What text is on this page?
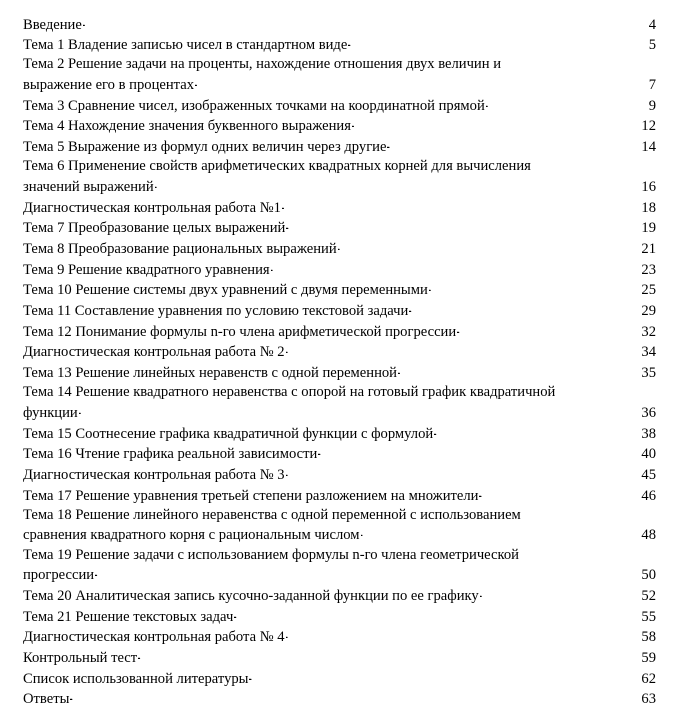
Введение . . .	4
Тема 1 Владение записью чисел в стандартном виде . . .	5
Тема 2 Решение задачи на проценты, нахождение отношения двух величин и
выражение его в процентах . . .	7
Тема 3 Сравнение чисел, изображенных точками на координатной прямой . . .	9
Тема 4 Нахождение значения буквенного выражения . . .	12
Тема 5 Выражение из формул одних величин через другие . . .	14
Тема 6 Применение свойств арифметических квадратных корней для вычисления
значений выражений . . .	16
Диагностическая контрольная работа №1 . . .	18
Тема 7 Преобразование целых выражений . . .	19
Тема 8 Преобразование рациональных выражений . . .	21
Тема 9 Решение квадратного уравнения . . .	23
Тема 10 Решение системы двух уравнений с двумя переменными . . .	25
Тема 11 Составление уравнения по условию текстовой задачи . . .	29
Тема 12 Понимание формулы n-го члена арифметической прогрессии . . .	32
Диагностическая контрольная работа № 2 . . .	34
Тема 13 Решение линейных неравенств с одной переменной . . .	35
Тема 14 Решение квадратного неравенства с опорой на готовый график квадратичной
функции . . .	36
Тема 15 Соотнесение графика квадратичной функции с формулой . . .	38
Тема 16 Чтение графика реальной зависимости . . .	40
Диагностическая контрольная работа № 3 . . .	45
Тема 17 Решение уравнения третьей степени разложением на множители . . .	46
Тема 18 Решение линейного неравенства с одной переменной с использованием
сравнения квадратного корня с рациональным числом . . .	48
Тема 19 Решение задачи с использованием формулы n-го члена геометрической
прогрессии . . .	50
Тема 20 Аналитическая запись кусочно-заданной функции по ее графику . . .	52
Тема 21 Решение текстовых задач . . .	55
Диагностическая контрольная работа № 4 . . .	58
Контрольный тест . . .	59
Список использованной литературы . . .	62
Ответы . . .	63
